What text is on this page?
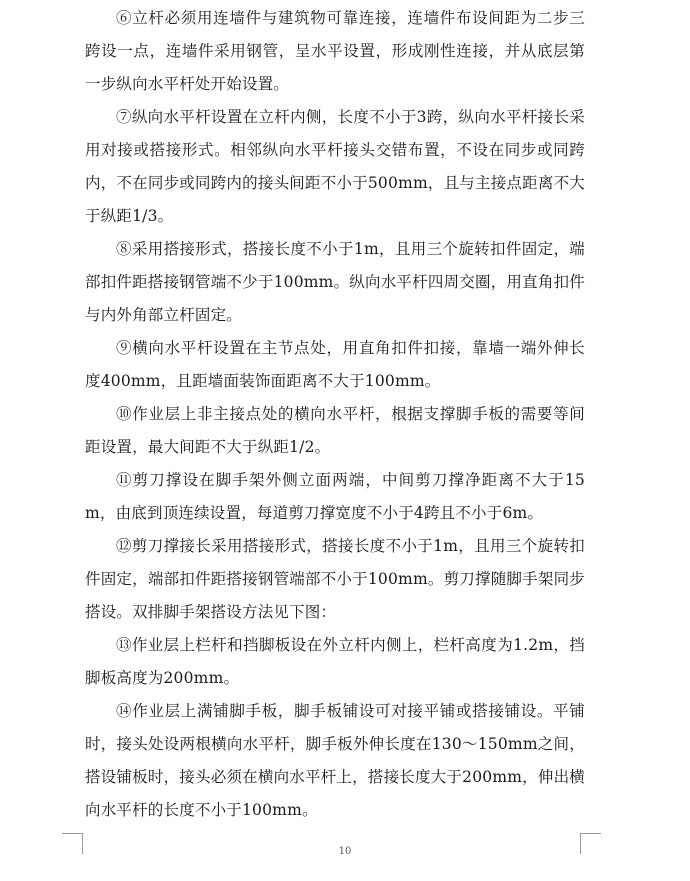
⑥立杆必须用连墙件与建筑物可靠连接，连墙件布设间距为二步三跨设一点，连墙件采用钢管，呈水平设置，形成刚性连接，并从底层第一步纵向水平杆处开始设置。

⑦纵向水平杆设置在立杆内侧，长度不小于3跨，纵向水平杆接长采用对接或搭接形式。相邻纵向水平杆接头交错布置，不设在同步或同跨内，不在同步或同跨内的接头间距不小于500mm，且与主接点距离不大于纵距1/3。

⑧采用搭接形式，搭接长度不小于1m，且用三个旋转扣件固定，端部扣件距搭接钢管端不少于100mm。纵向水平杆四周交圈，用直角扣件与内外角部立杆固定。

⑨横向水平杆设置在主节点处，用直角扣件扣接，靠墙一端外伸长度400mm，且距墙面装饰面距离不大于100mm。

⑩作业层上非主接点处的横向水平杆，根据支撑脚手板的需要等间距设置，最大间距不大于纵距1/2。

⑪剪刀撑设在脚手架外侧立面两端，中间剪刀撑净距离不大于15m，由底到顶连续设置，每道剪刀撑宽度不小于4跨且不小于6m。

⑫剪刀撑接长采用搭接形式，搭接长度不小于1m，且用三个旋转扣件固定，端部扣件距搭接钢管端部不小于100mm。剪刀撑随脚手架同步搭设。双排脚手架搭设方法见下图：

⑬作业层上栏杆和挡脚板设在外立杆内侧上，栏杆高度为1.2m，挡脚板高度为200mm。

⑭作业层上满铺脚手板，脚手板铺设可对接平铺或搭接铺设。平铺时，接头处设两根横向水平杆，脚手板外伸长度在130～150mm之间，搭设铺板时，接头必须在横向水平杆上，搭接长度大于200mm，伸出横向水平杆的长度不小于100mm。

10
